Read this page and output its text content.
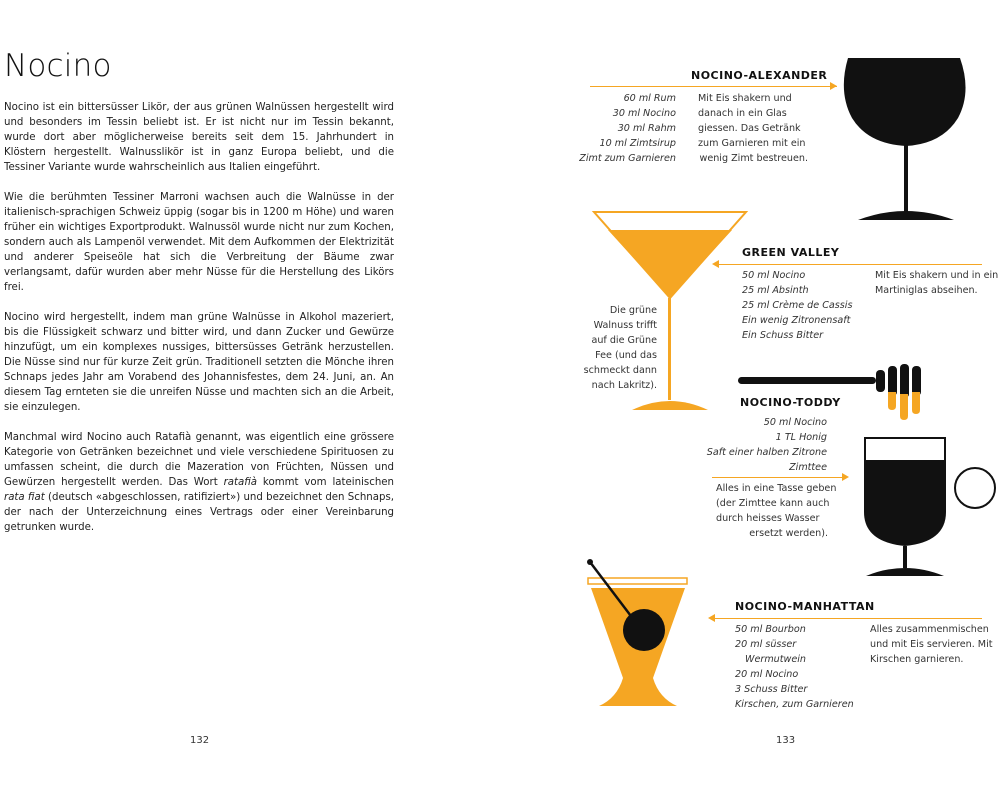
Nocino

Nocino ist ein bittersüsser Likör, der aus grünen Walnüssen hergestellt wird und besonders im Tessin beliebt ist. Er ist nicht nur im Tessin bekannt, wurde dort aber möglicherweise bereits seit dem 15. Jahrhundert in Klöstern hergestellt. Walnusslikör ist in ganz Europa beliebt, und die Tessiner Variante wurde wahrscheinlich aus Italien eingeführt.

Wie die berühmten Tessiner Marroni wachsen auch die Walnüsse in der italienisch-sprachigen Schweiz üppig (sogar bis in 1200 m Höhe) und waren früher ein wichtiges Exportprodukt. Walnussöl wurde nicht nur zum Kochen, sondern auch als Lampenöl verwendet. Mit dem Aufkommen der Elektrizität und anderer Speiseöle hat sich die Verbreitung der Bäume zwar verlangsamt, dafür wurden aber mehr Nüsse für die Herstellung des Likörs frei.

Nocino wird hergestellt, indem man grüne Walnüsse in Alkohol mazeriert, bis die Flüssigkeit schwarz und bitter wird, und dann Zucker und Gewürze hinzufügt, um ein komplexes nussiges, bittersüsses Getränk herzustellen. Die Nüsse sind nur für kurze Zeit grün. Traditionell setzten die Mönche ihren Schnaps jedes Jahr am Vorabend des Johannisfestes, dem 24. Juni, an. An diesem Tag ernteten sie die unreifen Nüsse und machten sich an die Arbeit, sie einzulegen.

Manchmal wird Nocino auch Ratafià genannt, was eigentlich eine grössere Kategorie von Getränken bezeichnet und viele verschiedene Spirituosen zu umfassen scheint, die durch die Mazeration von Früchten, Nüssen und Gewürzen hergestellt werden. Das Wort ratafià kommt vom lateinischen rata fiat (deutsch «abgeschlossen, ratifiziert») und bezeichnet den Schnaps, der nach der Unterzeichnung eines Vertrags oder einer Vereinbarung getrunken wurde.

132	133
NOCINO-ALEXANDER
60 ml Rum
30 ml Nocino
30 ml Rahm
10 ml Zimtsirup
Zimt zum Garnieren
Mit Eis shakern und
danach in ein Glas
giessen. Das Getränk
zum Garnieren mit ein
wenig Zimt bestreuen.
Die grüne
Walnuss trifft
auf die Grüne
Fee (und das
schmeckt dann
nach Lakritz).
GREEN VALLEY
50 ml Nocino
25 ml Absinth
25 ml Crème de Cassis
Ein wenig Zitronensaft
Ein Schuss Bitter
Mit Eis shakern und in ein
Martiniglas abseihen.
NOCINO-TODDY
50 ml Nocino
1 TL Honig
Saft einer halben Zitrone
Zimttee
Alles in eine Tasse geben
(der Zimttee kann auch
durch heisses Wasser
ersetzt werden).
NOCINO-MANHATTAN
50 ml Bourbon
20 ml süsser
Wermutwein
20 ml Nocino
3 Schuss Bitter
Kirschen, zum Garnieren
Alles zusammenmischen
und mit Eis servieren. Mit
Kirschen garnieren.
